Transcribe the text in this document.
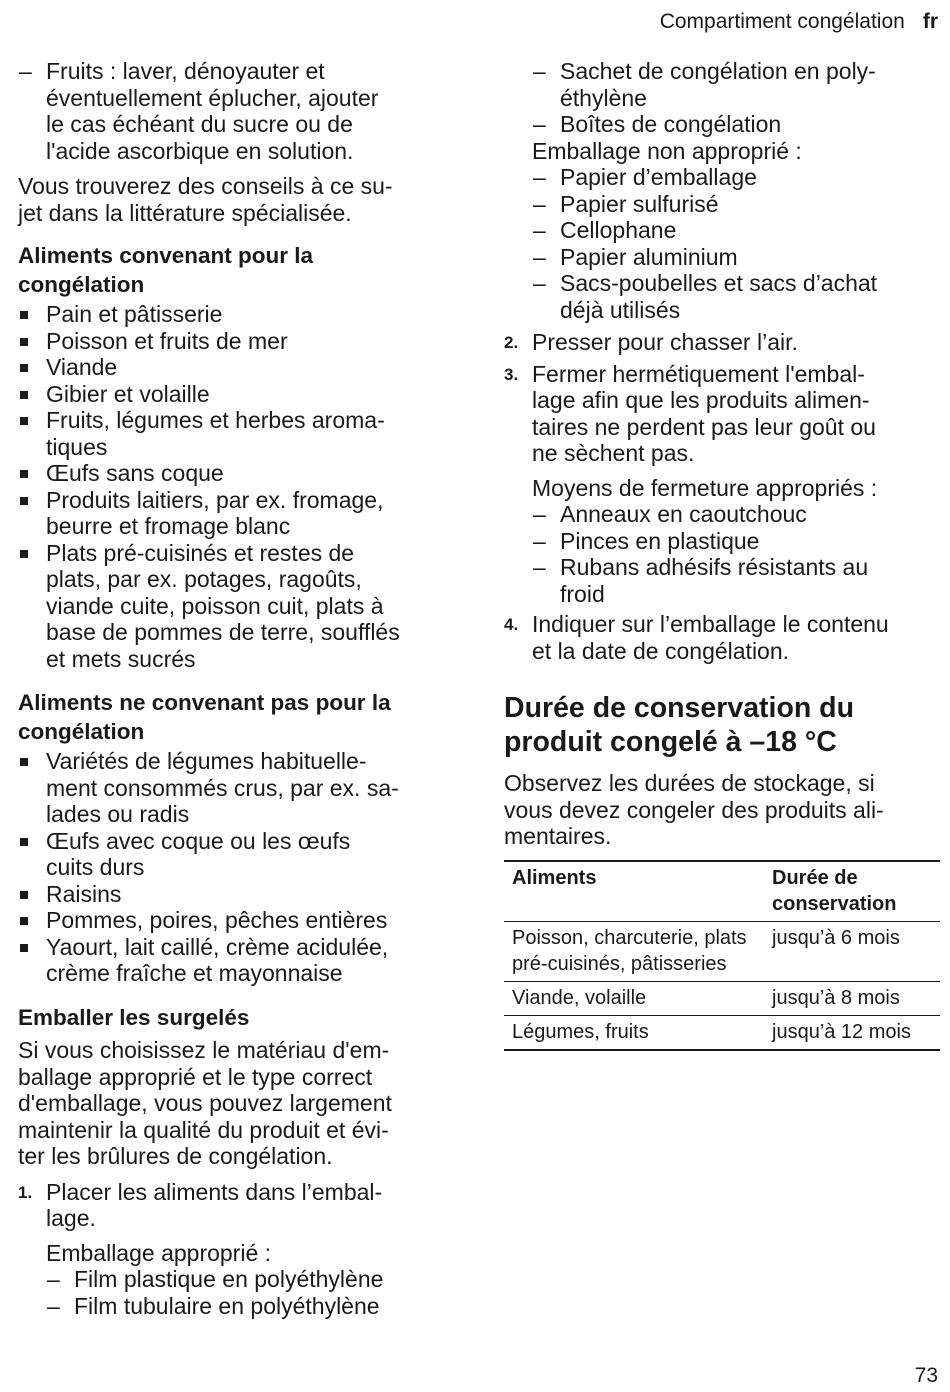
Compartiment congélation fr
– Fruits : laver, dénoyauter et
éventuellement éplucher, ajouter
le cas échéant du sucre ou de
l'acide ascorbique en solution.

Vous trouverez des conseils à ce su-
jet dans la littérature spécialisée.

Aliments convenant pour la
congélation
Pain et pâtisserie
Poisson et fruits de mer
Viande
Gibier et volaille
Fruits, légumes et herbes aroma-
tiques
Œufs sans coque
Produits laitiers, par ex. fromage,
beurre et fromage blanc
Plats pré-cuisinés et restes de
plats, par ex. potages, ragoûts,
viande cuite, poisson cuit, plats à
base de pommes de terre, soufflés
et mets sucrés
Aliments ne convenant pas pour la
congélation
Variétés de légumes habituelle-
ment consommés crus, par ex. sa-
lades ou radis
Œufs avec coque ou les œufs
cuits durs
Raisins
Pommes, poires, pêches entières
Yaourt, lait caillé, crème acidulée,
crème fraîche et mayonnaise
Emballer les surgelés

Si vous choisissez le matériau d'em-
ballage approprié et le type correct
d'emballage, vous pouvez largement
maintenir la qualité du produit et évi-
ter les brûlures de congélation.

1. Placer les aliments dans l’embal-
lage.
Emballage approprié :
– Film plastique en polyéthylène
– Film tubulaire en polyéthylène
– Sachet de congélation en poly-
éthylène
– Boîtes de congélation
Emballage non approprié :
– Papier d’emballage
– Papier sulfurisé
– Cellophane
– Papier aluminium
– Sacs-poubelles et sacs d’achat
déjà utilisés
2. Presser pour chasser l’air.
3. Fermer hermétiquement l'embal-
lage afin que les produits alimen-
taires ne perdent pas leur goût ou
ne sèchent pas.
Moyens de fermeture appropriés :
– Anneaux en caoutchouc
– Pinces en plastique
– Rubans adhésifs résistants au
froid
4. Indiquer sur l’emballage le contenu
et la date de congélation.
Durée de conservation du
produit congelé à –18 °C

Observez les durées de stockage, si
vous devez congeler des produits ali-
mentaires.

Aliments	Durée de
conservation

Poisson, charcuterie, plats
pré-cuisinés, pâtisseries	jusqu’à 6 mois
Viande, volaille	jusqu’à 8 mois
Légumes, fruits	jusqu’à 12 mois
73
